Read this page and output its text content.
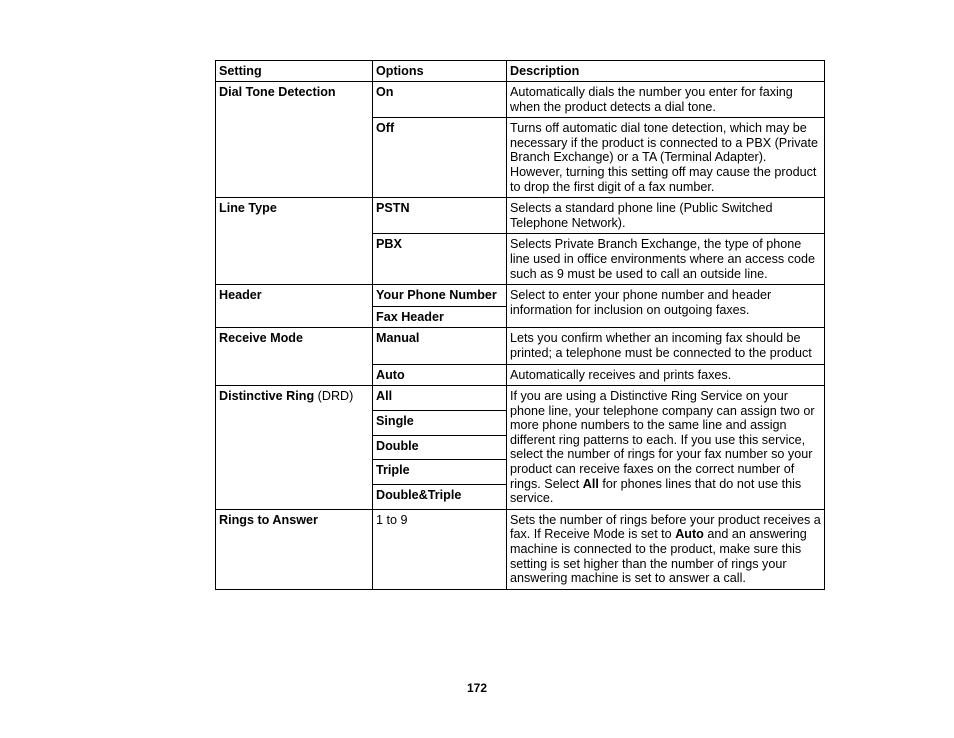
Setting	Options	Description
Dial Tone Detection	On	Automatically dials the number you enter for faxing when the product detects a dial tone.
	Off	Turns off automatic dial tone detection, which may be necessary if the product is connected to a PBX (Private Branch Exchange) or a TA (Terminal Adapter). However, turning this setting off may cause the product to drop the first digit of a fax number.
Line Type	PSTN	Selects a standard phone line (Public Switched Telephone Network).
	PBX	Selects Private Branch Exchange, the type of phone line used in office environments where an access code such as 9 must be used to call an outside line.
Header	Your Phone Number	Select to enter your phone number and header information for inclusion on outgoing faxes.
	Fax Header	
Receive Mode	Manual	Lets you confirm whether an incoming fax should be printed; a telephone must be connected to the product
	Auto	Automatically receives and prints faxes.
Distinctive Ring (DRD)	All	If you are using a Distinctive Ring Service on your phone line, your telephone company can assign two or more phone numbers to the same line and assign different ring patterns to each. If you use this service, select the number of rings for your fax number so your product can receive faxes on the correct number of rings. Select All for phones lines that do not use this service.
	Single	
	Double	
	Triple	
	Double&Triple	
Rings to Answer	1 to 9	Sets the number of rings before your product receives a fax. If Receive Mode is set to Auto and an answering machine is connected to the product, make sure this setting is set higher than the number of rings your answering machine is set to answer a call.
172
